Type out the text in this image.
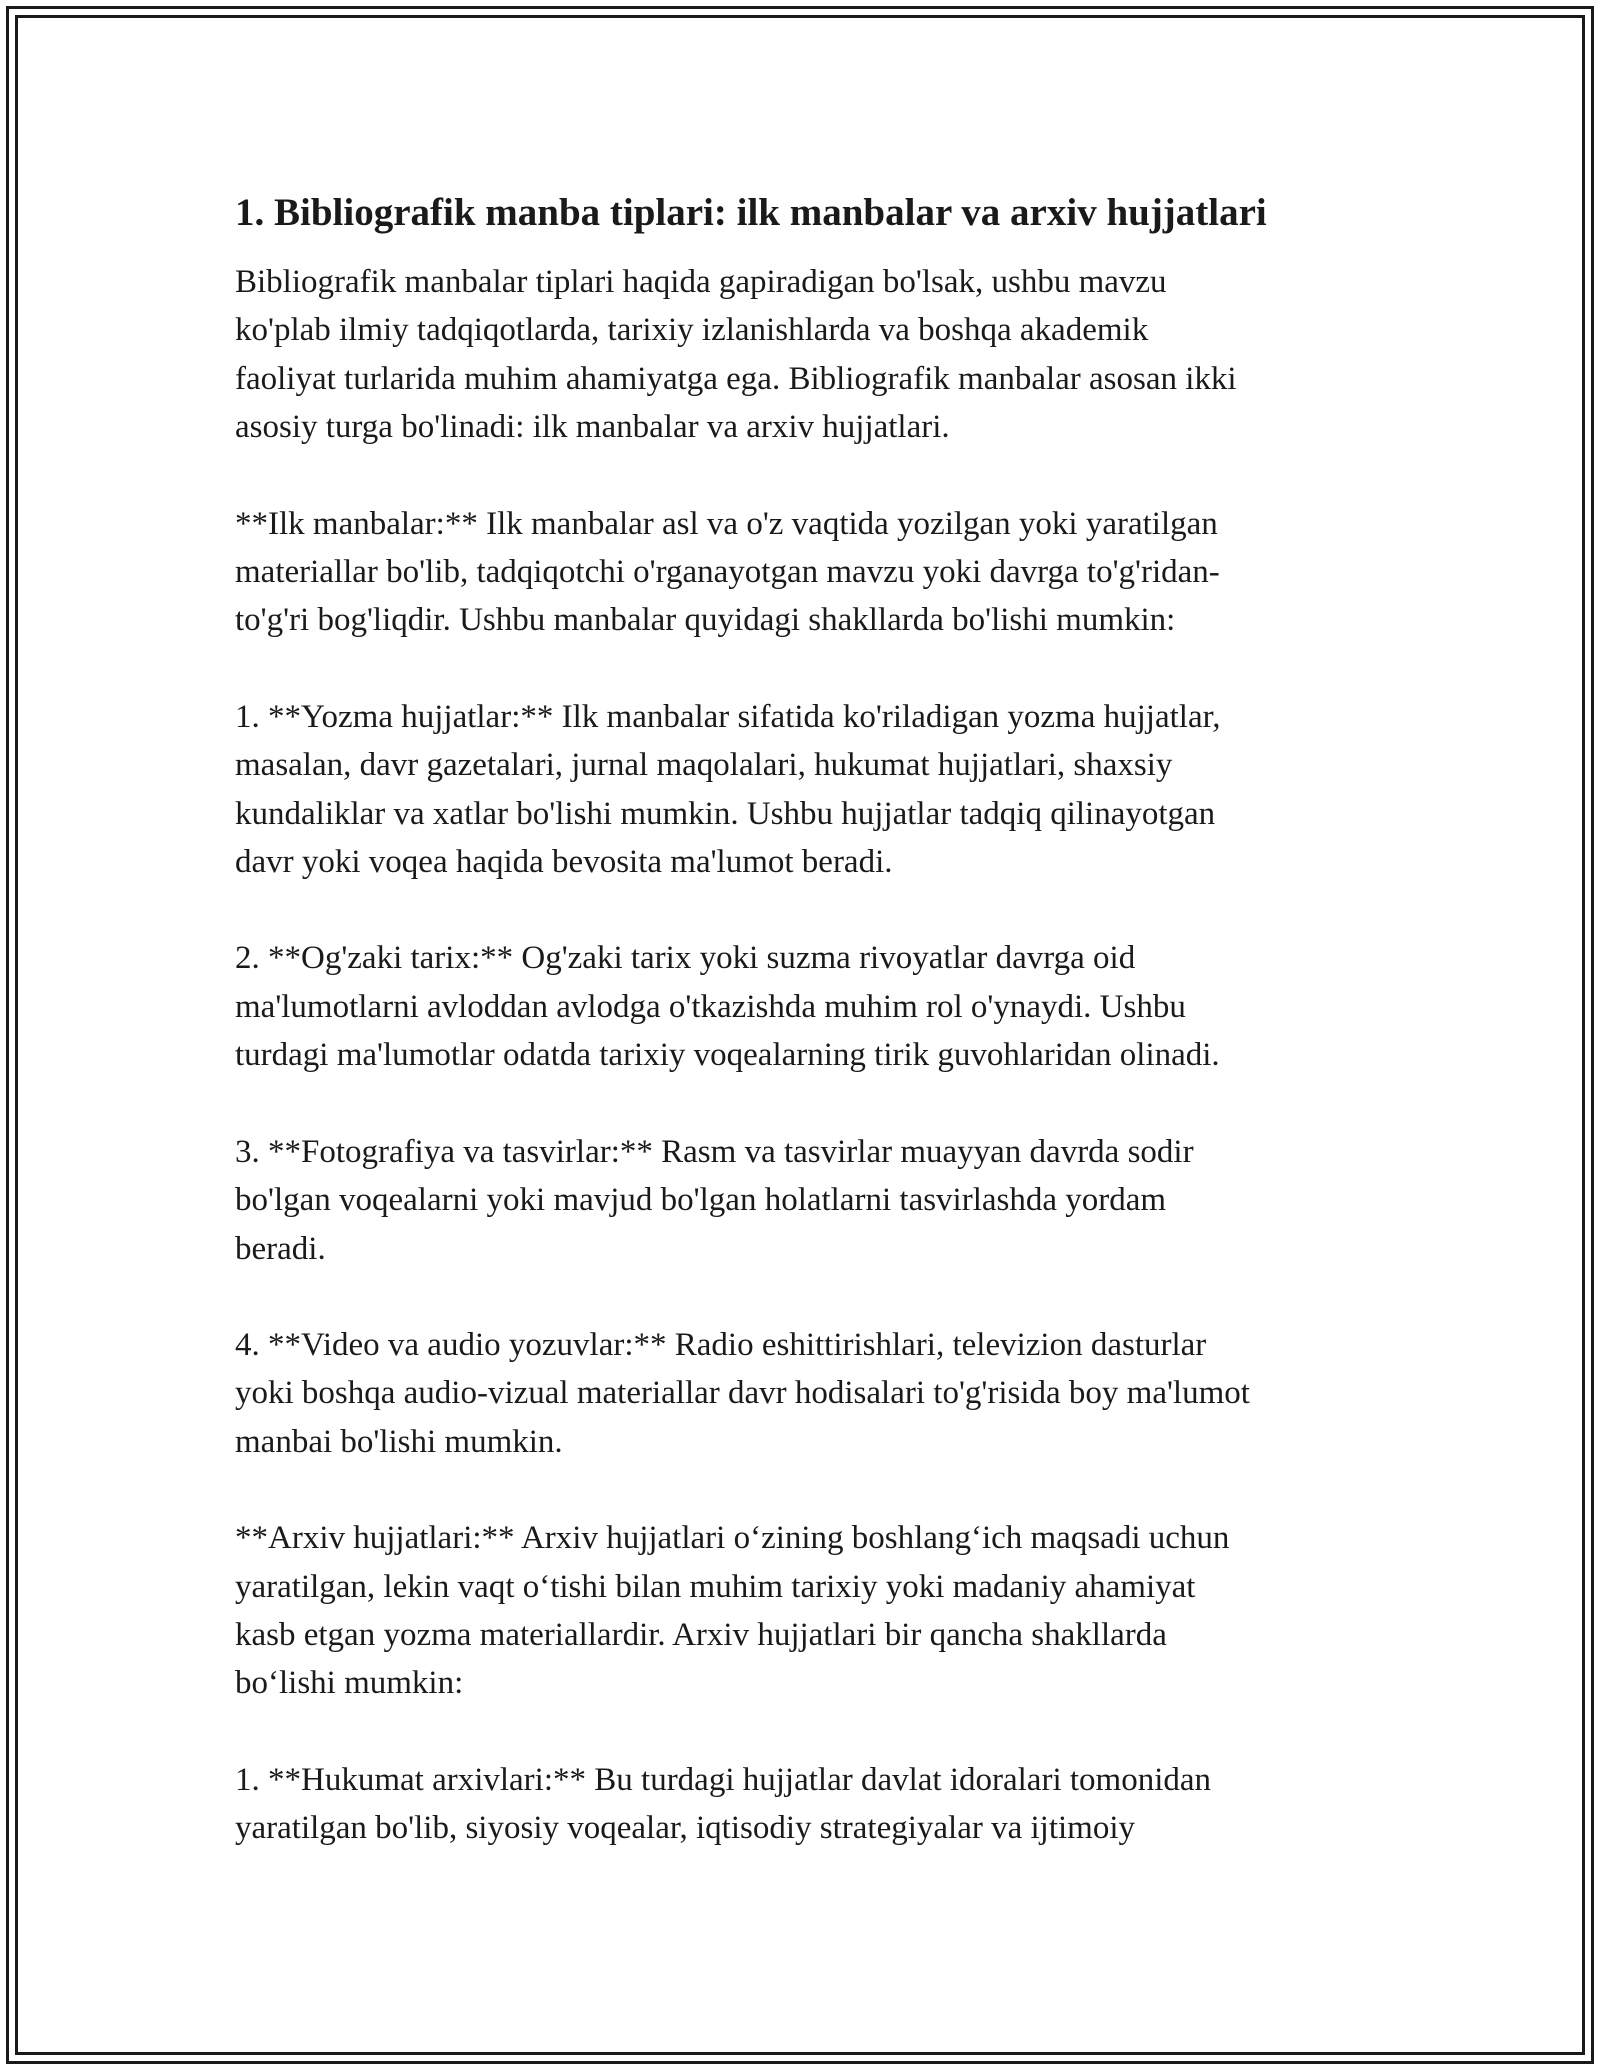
1. Bibliografik manba tiplari: ilk manbalar va arxiv hujjatlari

Bibliografik manbalar tiplari haqida gapiradigan bo'lsak, ushbu mavzu
ko'plab ilmiy tadqiqotlarda, tarixiy izlanishlarda va boshqa akademik
faoliyat turlarida muhim ahamiyatga ega. Bibliografik manbalar asosan ikki
asosiy turga bo'linadi: ilk manbalar va arxiv hujjatlari.

**Ilk manbalar:** Ilk manbalar asl va o'z vaqtida yozilgan yoki yaratilgan
materiallar bo'lib, tadqiqotchi o'rganayotgan mavzu yoki davrga to'g'ridan-
to'g'ri bog'liqdir. Ushbu manbalar quyidagi shakllarda bo'lishi mumkin:

1. **Yozma hujjatlar:** Ilk manbalar sifatida ko'riladigan yozma hujjatlar,
masalan, davr gazetalari, jurnal maqolalari, hukumat hujjatlari, shaxsiy
kundaliklar va xatlar bo'lishi mumkin. Ushbu hujjatlar tadqiq qilinayotgan
davr yoki voqea haqida bevosita ma'lumot beradi.

2. **Og'zaki tarix:** Og'zaki tarix yoki suzma rivoyatlar davrga oid
ma'lumotlarni avloddan avlodga o'tkazishda muhim rol o'ynaydi. Ushbu
turdagi ma'lumotlar odatda tarixiy voqealarning tirik guvohlaridan olinadi.

3. **Fotografiya va tasvirlar:** Rasm va tasvirlar muayyan davrda sodir
bo'lgan voqealarni yoki mavjud bo'lgan holatlarni tasvirlashda yordam
beradi.

4. **Video va audio yozuvlar:** Radio eshittirishlari, televizion dasturlar
yoki boshqa audio-vizual materiallar davr hodisalari to'g'risida boy ma'lumot
manbai bo'lishi mumkin.

**Arxiv hujjatlari:** Arxiv hujjatlari o‘zining boshlang‘ich maqsadi uchun
yaratilgan, lekin vaqt o‘tishi bilan muhim tarixiy yoki madaniy ahamiyat
kasb etgan yozma materiallardir. Arxiv hujjatlari bir qancha shakllarda
bo‘lishi mumkin:

1. **Hukumat arxivlari:** Bu turdagi hujjatlar davlat idoralari tomonidan
yaratilgan bo'lib, siyosiy voqealar, iqtisodiy strategiyalar va ijtimoiy
